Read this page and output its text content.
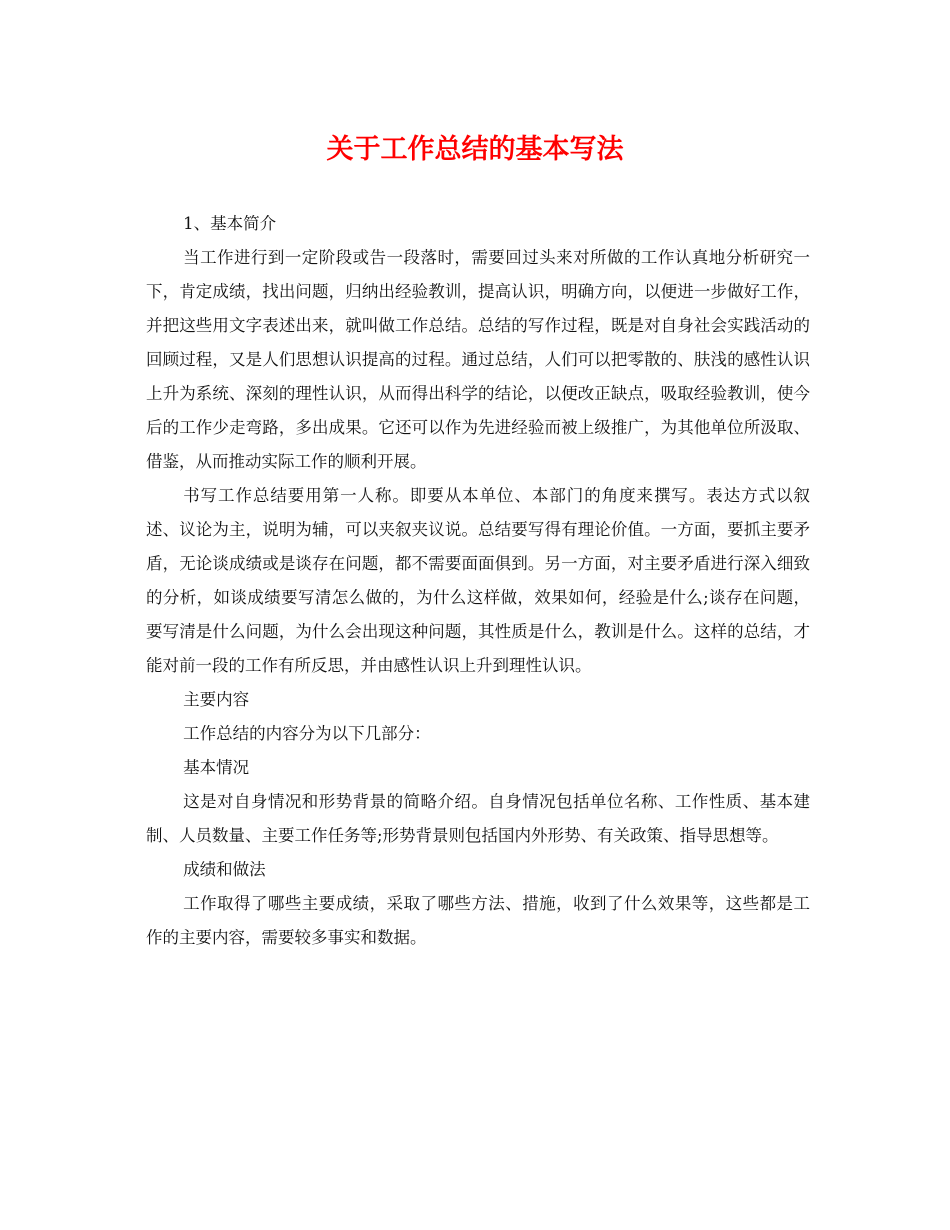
关于工作总结的基本写法

1、基本简介

当工作进行到一定阶段或告一段落时，需要回过头来对所做的工作认真地分析研究一下，肯定成绩，找出问题，归纳出经验教训，提高认识，明确方向，以便进一步做好工作，并把这些用文字表述出来，就叫做工作总结。总结的写作过程，既是对自身社会实践活动的回顾过程，又是人们思想认识提高的过程。通过总结，人们可以把零散的、肤浅的感性认识上升为系统、深刻的理性认识，从而得出科学的结论，以便改正缺点，吸取经验教训，使今后的工作少走弯路，多出成果。它还可以作为先进经验而被上级推广，为其他单位所汲取、借鉴，从而推动实际工作的顺利开展。

书写工作总结要用第一人称。即要从本单位、本部门的角度来撰写。表达方式以叙述、议论为主，说明为辅，可以夹叙夹议说。总结要写得有理论价值。一方面，要抓主要矛盾，无论谈成绩或是谈存在问题，都不需要面面俱到。另一方面，对主要矛盾进行深入细致的分析，如谈成绩要写清怎么做的，为什么这样做，效果如何，经验是什么;谈存在问题，要写清是什么问题，为什么会出现这种问题，其性质是什么，教训是什么。这样的总结，才能对前一段的工作有所反思，并由感性认识上升到理性认识。

主要内容

工作总结的内容分为以下几部分：

基本情况

这是对自身情况和形势背景的简略介绍。自身情况包括单位名称、工作性质、基本建制、人员数量、主要工作任务等;形势背景则包括国内外形势、有关政策、指导思想等。

成绩和做法

工作取得了哪些主要成绩，采取了哪些方法、措施，收到了什么效果等，这些都是工作的主要内容，需要较多事实和数据。
